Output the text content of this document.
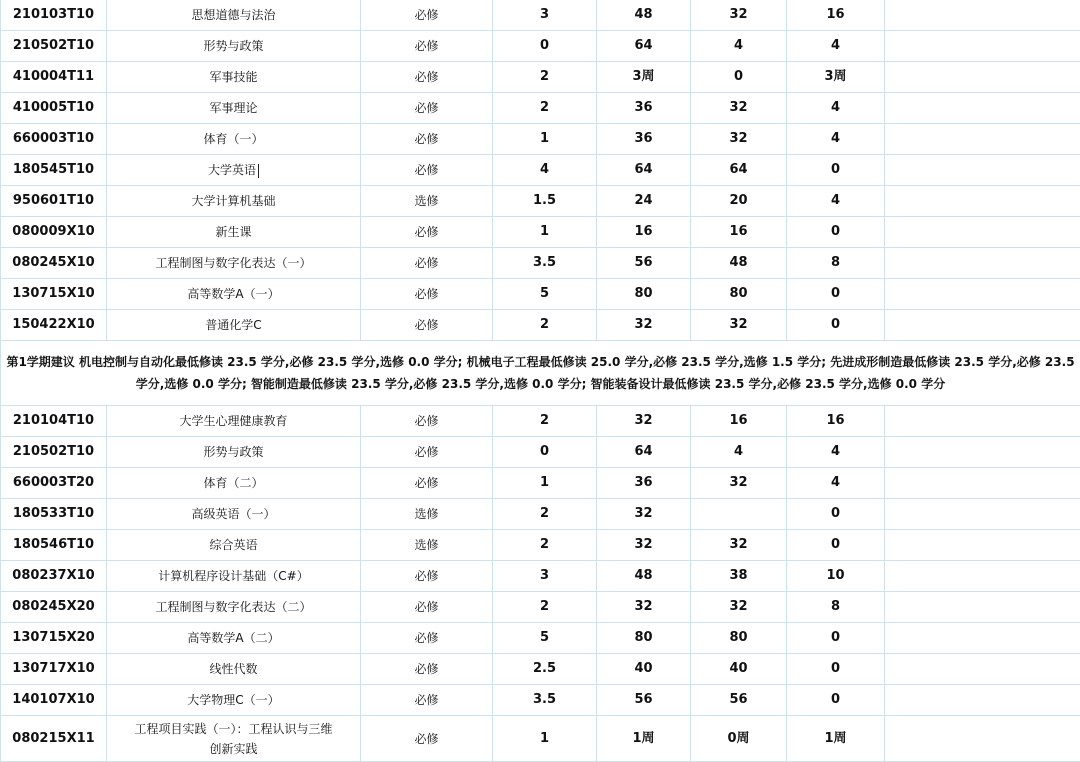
210103T10	思想道德与法治	必修	3	48	32	16	
210502T10	形势与政策	必修	0	64	4	4	
410004T11	军事技能	必修	2	3周	0	3周	
410005T10	军事理论	必修	2	36	32	4	
660003T10	体育（一）	必修	1	36	32	4	
180545T10	大学英语	必修	4	64	64	0	
950601T10	大学计算机基础	选修	1.5	24	20	4	
080009X10	新生课	必修	1	16	16	0	
080245X10	工程制图与数字化表达（一）	必修	3.5	56	48	8	
130715X10	高等数学A（一）	必修	5	80	80	0	
150422X10	普通化学C	必修	2	32	32	0	
第1学期建议 机电控制与自动化最低修读 23.5 学分,必修 23.5 学分,选修 0.0 学分; 机械电子工程最低修读 25.0 学分,必修 23.5 学分,选修 1.5 学分; 先进成形制造最低修读 23.5 学分,必修 23.5 学分,选修 0.0 学分; 智能制造最低修读 23.5 学分,必修 23.5 学分,选修 0.0 学分; 智能装备设计最低修读 23.5 学分,必修 23.5 学分,选修 0.0 学分							
210104T10	大学生心理健康教育	必修	2	32	16	16	
210502T10	形势与政策	必修	0	64	4	4	
660003T20	体育（二）	必修	1	36	32	4	
180533T10	高级英语（一）	选修	2	32		0	
180546T10	综合英语	选修	2	32	32	0	
080237X10	计算机程序设计基础（C#）	必修	3	48	38	10	
080245X20	工程制图与数字化表达（二）	必修	2	32	32	8	
130715X20	高等数学A（二）	必修	5	80	80	0	
130717X10	线性代数	必修	2.5	40	40	0	
140107X10	大学物理C（一）	必修	3.5	56	56	0	
080215X11	工程项目实践（一）：工程认识与三维创新实践	必修	1	1周	0周	1周	
